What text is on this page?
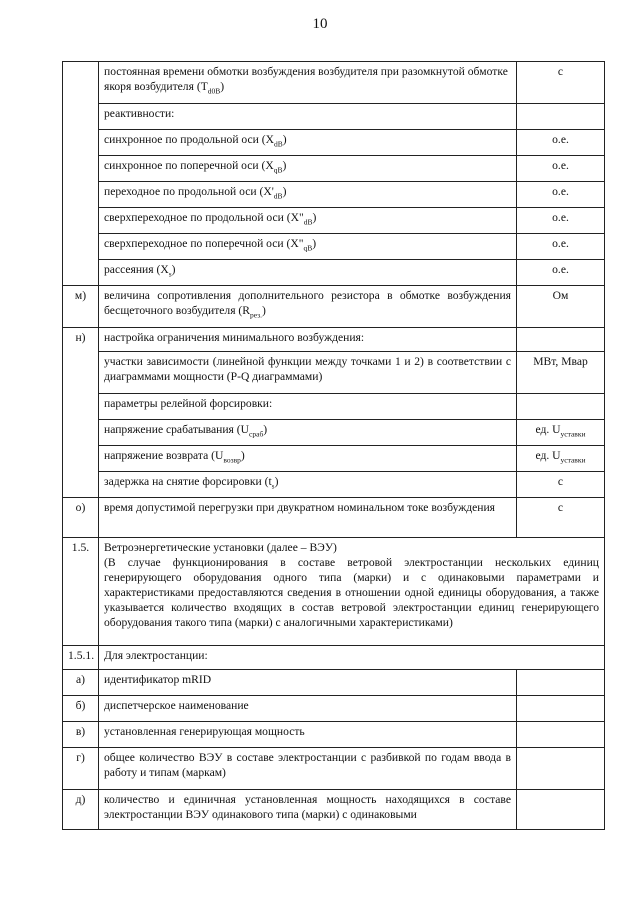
10
	постоянная времени обмотки возбуждения возбудителя при разомкнутой обмотке якоря возбудителя $(T_{d0B})$	с
	реактивности:	
	синхронное по продольной оси $(X_{dB})$	о.е.
	синхронное по поперечной оси $(X_{qB})$	о.е.
	переходное по продольной оси $(X'_{dB})$	о.е.
	сверхпереходное по продольной оси $(X"_{dB})$	о.е.
	сверхпереходное по поперечной оси $(X"_{qB})$	о.е.
	рассеяния $(X_s)$	о.е.
м)	величина сопротивления дополнительного резистора в обмотке возбуждения бесщеточного возбудителя $(R_{рез.})$	Ом
н)	настройка ограничения минимального возбуждения:	
	участки зависимости (линейной функции между точками 1 и 2) в соответствии с диаграммами мощности (P-Q диаграммами)	МВт, Мвар
	параметры релейной форсировки:	
	напряжение срабатывания $(U_{сраб})$	ед. $U_{уставки}$
	напряжение возврата $(U_{возвр})$	ед. $U_{уставки}$
	задержка на снятие форсировки $(t_s)$	с
о)	время допустимой перегрузки при двукратном номинальном токе возбуждения	с
1.5.	Ветроэнергетические установки (далее – ВЭУ)
(В случае функционирования в составе ветровой электростанции нескольких единиц генерирующего оборудования одного типа (марки) и с одинаковыми параметрами и характеристиками предоставляются сведения в отношении одной единицы оборудования, а также указывается количество входящих в состав ветровой электростанции единиц генерирующего оборудования такого типа (марки) с аналогичными характеристиками)	

1.5.1.	Для электростанции:	
а)	идентификатор mRID	
б)	диспетчерское наименование	
в)	установленная генерирующая мощность	
г)	общее количество ВЭУ в составе электростанции с разбивкой по годам ввода в работу и типам (маркам)	
д)	количество и единичная установленная мощность находящихся в составе электростанции ВЭУ одинакового типа (марки) с одинаковыми	
